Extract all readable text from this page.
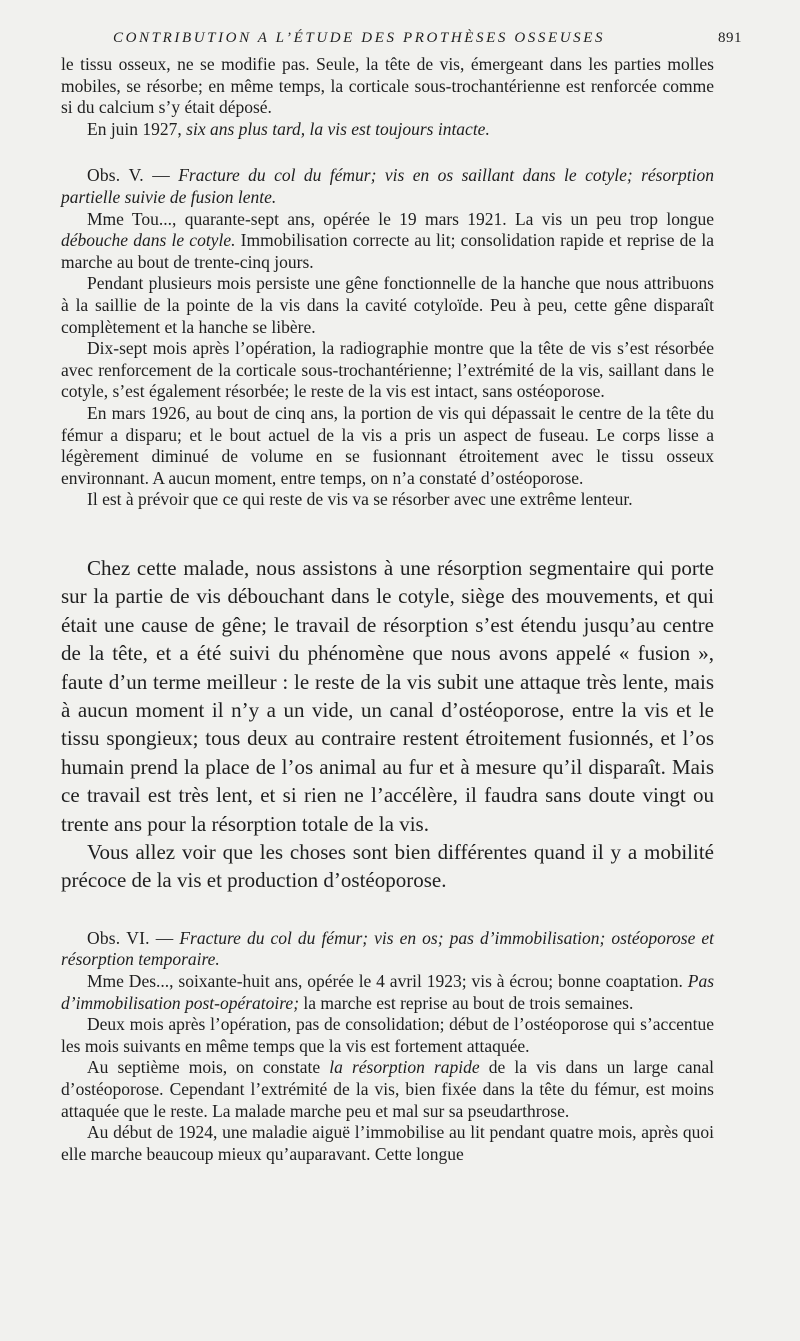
CONTRIBUTION A L’ÉTUDE DES PROTHÈSES OSSEUSES	891

le tissu osseux, ne se modifie pas. Seule, la tête de vis, émergeant dans les parties molles mobiles, se résorbe; en même temps, la corticale sous-trochantérienne est renforcée comme si du calcium s’y était déposé.

En juin 1927, six ans plus tard, la vis est toujours intacte.

Obs. V. — Fracture du col du fémur; vis en os saillant dans le cotyle; résorption partielle suivie de fusion lente.

Mme Tou..., quarante-sept ans, opérée le 19 mars 1921. La vis un peu trop longue débouche dans le cotyle. Immobilisation correcte au lit; consolidation rapide et reprise de la marche au bout de trente-cinq jours.

Pendant plusieurs mois persiste une gêne fonctionnelle de la hanche que nous attribuons à la saillie de la pointe de la vis dans la cavité cotyloïde. Peu à peu, cette gêne disparaît complètement et la hanche se libère.

Dix-sept mois après l’opération, la radiographie montre que la tête de vis s’est résorbée avec renforcement de la corticale sous-trochantérienne; l’extrémité de la vis, saillant dans le cotyle, s’est également résorbée; le reste de la vis est intact, sans ostéoporose.

En mars 1926, au bout de cinq ans, la portion de vis qui dépassait le centre de la tête du fémur a disparu; et le bout actuel de la vis a pris un aspect de fuseau. Le corps lisse a légèrement diminué de volume en se fusionnant étroitement avec le tissu osseux environnant. A aucun moment, entre temps, on n’a constaté d’ostéoporose.

Il est à prévoir que ce qui reste de vis va se résorber avec une extrême lenteur.

Chez cette malade, nous assistons à une résorption segmentaire qui porte sur la partie de vis débouchant dans le cotyle, siège des mouvements, et qui était une cause de gêne; le travail de résorption s’est étendu jusqu’au centre de la tête, et a été suivi du phénomène que nous avons appelé « fusion », faute d’un terme meilleur : le reste de la vis subit une attaque très lente, mais à aucun moment il n’y a un vide, un canal d’ostéoporose, entre la vis et le tissu spongieux; tous deux au contraire restent étroitement fusionnés, et l’os humain prend la place de l’os animal au fur et à mesure qu’il disparaît. Mais ce travail est très lent, et si rien ne l’accélère, il faudra sans doute vingt ou trente ans pour la résorption totale de la vis.

Vous allez voir que les choses sont bien différentes quand il y a mobilité précoce de la vis et production d’ostéoporose.

Obs. VI. — Fracture du col du fémur; vis en os; pas d’immobilisation; ostéoporose et résorption temporaire.

Mme Des..., soixante-huit ans, opérée le 4 avril 1923; vis à écrou; bonne coaptation. Pas d’immobilisation post-opératoire; la marche est reprise au bout de trois semaines.

Deux mois après l’opération, pas de consolidation; début de l’ostéoporose qui s’accentue les mois suivants en même temps que la vis est fortement attaquée.

Au septième mois, on constate la résorption rapide de la vis dans un large canal d’ostéoporose. Cependant l’extrémité de la vis, bien fixée dans la tête du fémur, est moins attaquée que le reste. La malade marche peu et mal sur sa pseudarthrose.

Au début de 1924, une maladie aiguë l’immobilise au lit pendant quatre mois, après quoi elle marche beaucoup mieux qu’auparavant. Cette longue
